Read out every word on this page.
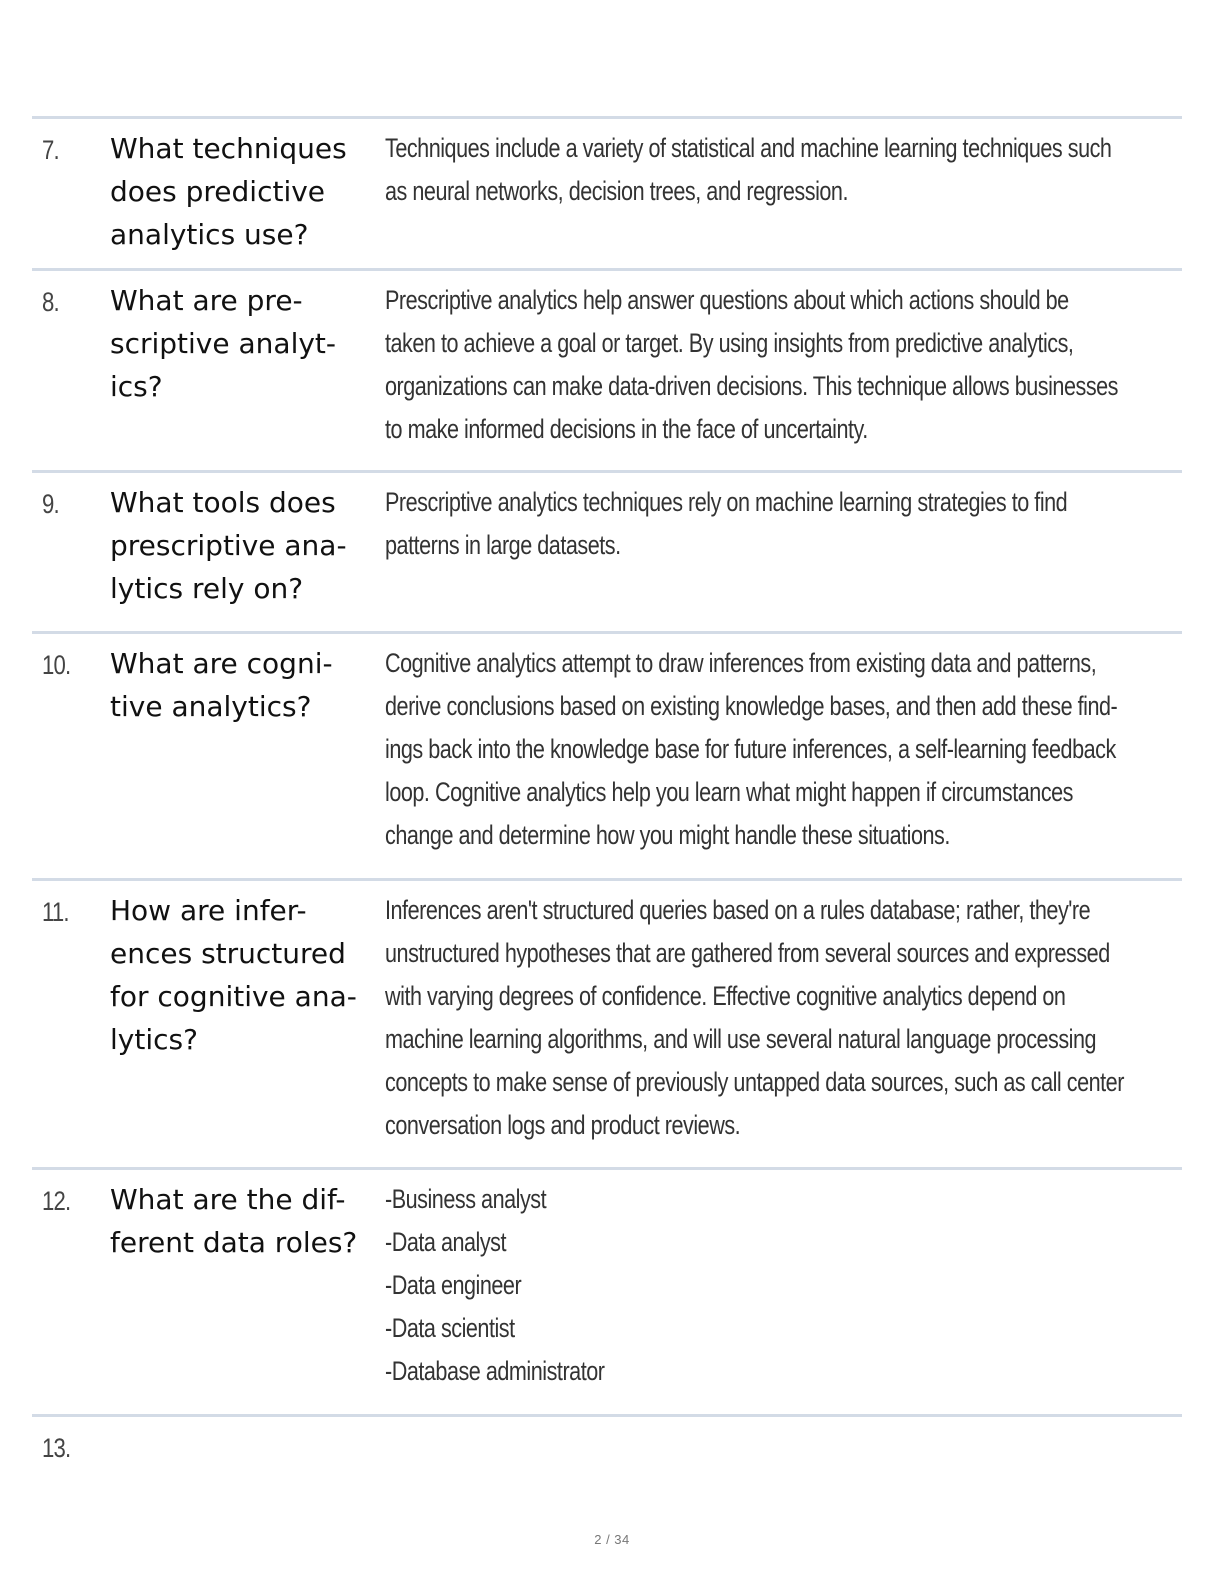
7. What techniques
does predictive
analytics use?
Techniques include a variety of statistical and machine learning techniques such
as neural networks, decision trees, and regression.
8. What are pre-
scriptive analyt-
ics?
Prescriptive analytics help answer questions about which actions should be
taken to achieve a goal or target. By using insights from predictive analytics,
organizations can make data-driven decisions. This technique allows businesses
to make informed decisions in the face of uncertainty.
9. What tools does
prescriptive ana-
lytics rely on?
Prescriptive analytics techniques rely on machine learning strategies to find
patterns in large datasets.
10. What are cogni-
tive analytics?
Cognitive analytics attempt to draw inferences from existing data and patterns,
derive conclusions based on existing knowledge bases, and then add these find-
ings back into the knowledge base for future inferences, a self-learning feedback
loop. Cognitive analytics help you learn what might happen if circumstances
change and determine how you might handle these situations.
11. How are infer-
ences structured
for cognitive ana-
lytics?
Inferences aren't structured queries based on a rules database; rather, they're
unstructured hypotheses that are gathered from several sources and expressed
with varying degrees of confidence. Effective cognitive analytics depend on
machine learning algorithms, and will use several natural language processing
concepts to make sense of previously untapped data sources, such as call center
conversation logs and product reviews.
12. What are the dif-
ferent data roles?
-Business analyst
-Data analyst
-Data engineer
-Data scientist
-Database administrator
13.
2 / 34
